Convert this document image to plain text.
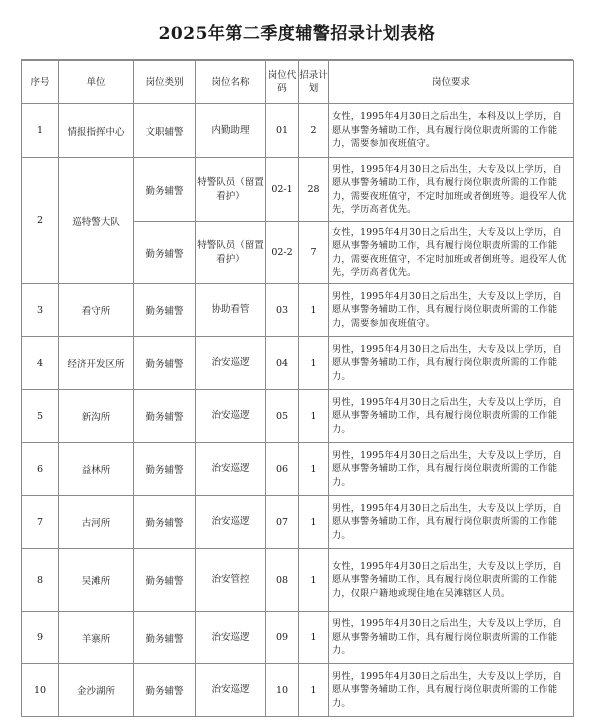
2025年第二季度辅警招录计划表格
序号	单位	岗位类别	岗位名称	岗位代码	招录计划	岗位要求
1	情报指挥中心	文职辅警	内勤助理	01	2	女性，1995年4月30日之后出生，本科及以上学历，自愿从事警务辅助工作，具有履行岗位职责所需的工作能力，需要参加夜班值守。
2	巡特警大队	勤务辅警	特警队员（留置看护）	02-1	28	男性，1995年4月30日之后出生，大专及以上学历，自愿从事警务辅助工作，具有履行岗位职责所需的工作能力，需要夜班值守，不定时加班或者倒班等。退役军人优先，学历高者优先。
		勤务辅警	特警队员（留置看护）	02-2	7	女性，1995年4月30日之后出生，大专及以上学历，自愿从事警务辅助工作，具有履行岗位职责所需的工作能力，需要夜班值守，不定时加班或者倒班等。退役军人优先，学历高者优先。
3	看守所	勤务辅警	协助看管	03	1	男性，1995年4月30日之后出生，大专及以上学历，自愿从事警务辅助工作，具有履行岗位职责所需的工作能力，需要参加夜班值守。
4	经济开发区所	勤务辅警	治安巡逻	04	1	男性，1995年4月30日之后出生，大专及以上学历，自愿从事警务辅助工作，具有履行岗位职责所需的工作能力。
5	新沟所	勤务辅警	治安巡逻	05	1	男性，1995年4月30日之后出生，大专及以上学历，自愿从事警务辅助工作，具有履行岗位职责所需的工作能力。
6	益林所	勤务辅警	治安巡逻	06	1	男性，1995年4月30日之后出生，大专及以上学历，自愿从事警务辅助工作，具有履行岗位职责所需的工作能力。
7	古河所	勤务辅警	治安巡逻	07	1	男性，1995年4月30日之后出生，大专及以上学历，自愿从事警务辅助工作，具有履行岗位职责所需的工作能力。
8	吴滩所	勤务辅警	治安管控	08	1	女性，1995年4月30日之后出生，大专及以上学历，自愿从事警务辅助工作，具有履行岗位职责所需的工作能力，仅限户籍地或现住地在吴滩辖区人员。
9	羊寨所	勤务辅警	治安巡逻	09	1	男性，1995年4月30日之后出生，大专及以上学历，自愿从事警务辅助工作，具有履行岗位职责所需的工作能力。
10	金沙湖所	勤务辅警	治安巡逻	10	1	男性，1995年4月30日之后出生，大专及以上学历，自愿从事警务辅助工作，具有履行岗位职责所需的工作能力。
